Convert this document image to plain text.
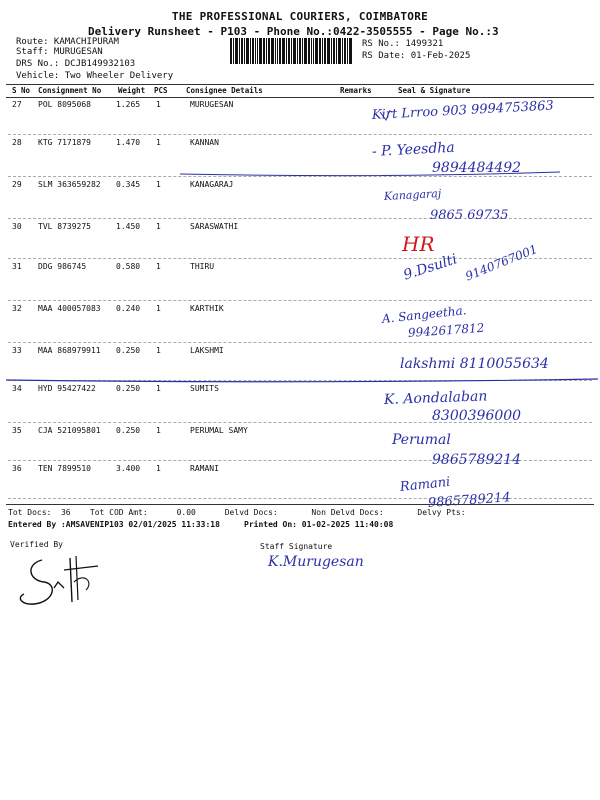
THE PROFESSIONAL COURIERS, COIMBATORE
Delivery Runsheet - P103 - Phone No.:0422-3505555 - Page No.:3
Route: KAMACHIPURAM
Staff: MURUGESAN
DRS No.: DCJB149932103
Vehicle: Two Wheeler Delivery
RS No.: 1499321
RS Date: 01-Feb-2025
S No Consignment No Weight PCS Consignee Details	Remarks	Seal & Signature
27 POL 8095068	1.265 1	MURUGESAN	Kirt Lrroo 903 9994753863
28 KTG 7171879	1.470 1	KANNAN	- P. Yeesdha
9894484492
29 SLM 363659282 0.345 1	KANAGARAJ
Kanagaraj
9865 69735
30 TVL 8739275	1.450 1	SARASWATHI
HR
31 DDG 986745	0.580 1	THIRU	9.Dsulti 9140767001
32 MAA 400057083 0.240 1	KARTHIK	A. Sangeetha.
9942617812
33 MAA 868979911 0.250 1	LAKSHMI
lakshmi 8110055634
34 HYD 95427422	0.250 1	SUMITS	K. Aondalaban
8300396000
35 CJA 521095801 0.250 1	PERUMAL SAMY
Perumal
9865789214
36 TEN 7899510	3.400 1	RAMANI
Ramani
9865789214
Tot Docs:  36    Tot COD Amt:      0.00      Delvd Docs:       Non Delvd Docs:       Delvy Pts:
Entered By :AMSAVENIP103 02/01/2025 11:33:18     Printed On: 01-02-2025 11:40:08
Verified By	Staff Signature
K.Murugesan
